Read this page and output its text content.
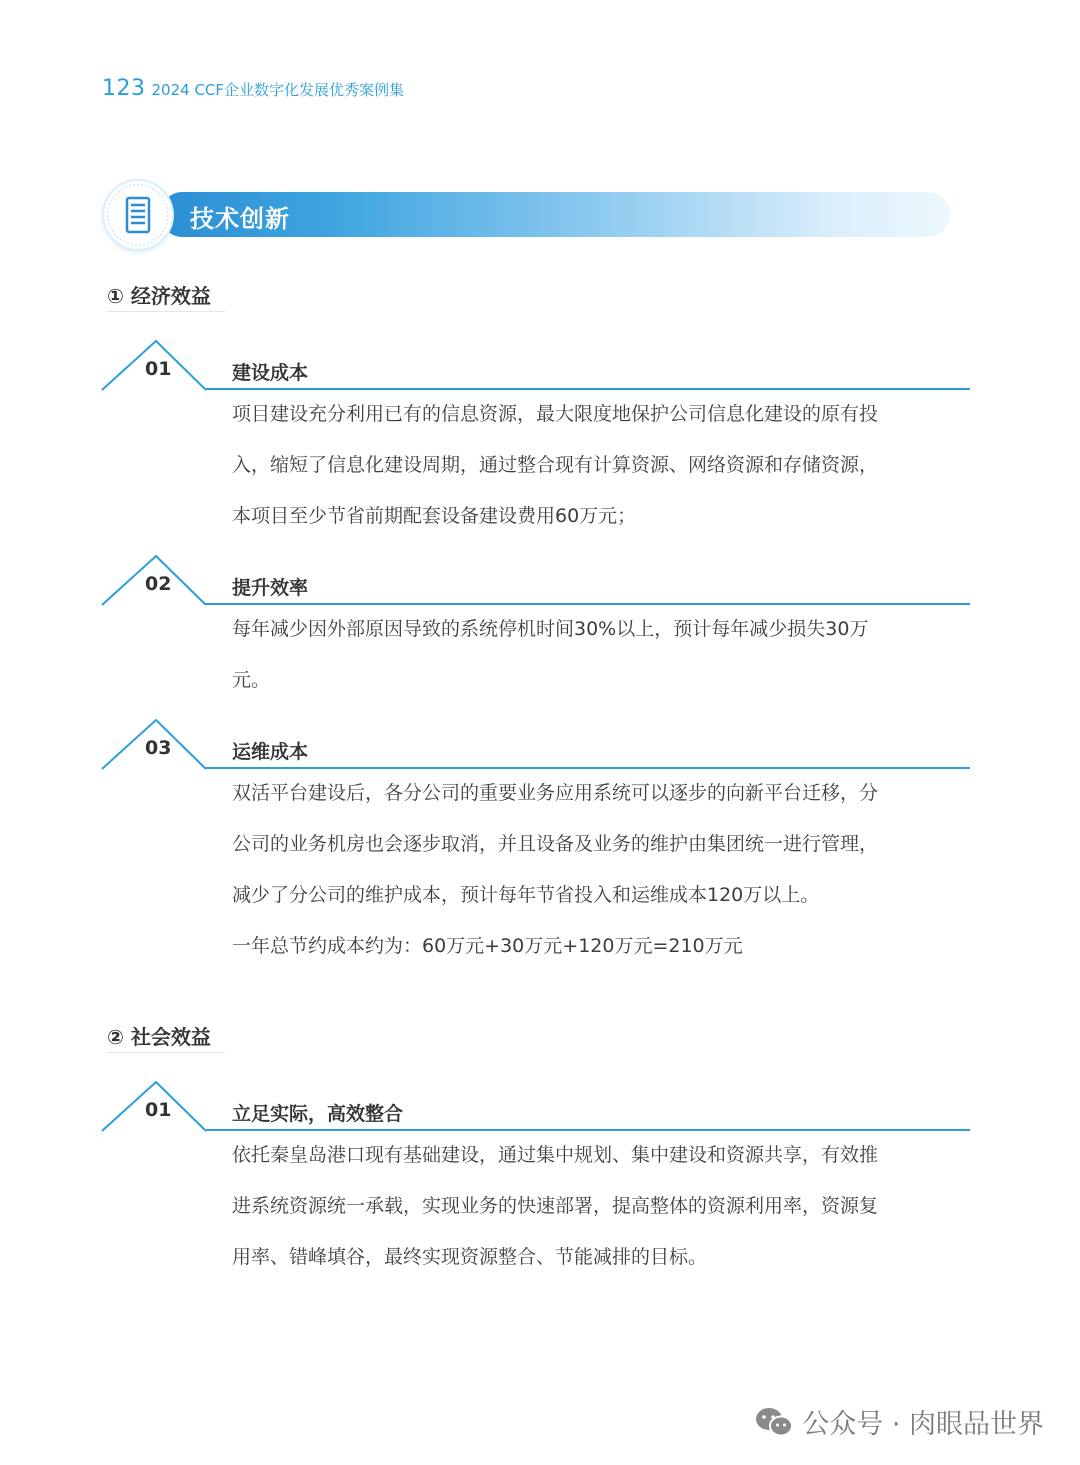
123 2024 CCF企业数字化发展优秀案例集
技术创新
① 经济效益
01	建设成本

项目建设充分利用已有的信息资源，最大限度地保护公司信息化建设的原有投

入，缩短了信息化建设周期，通过整合现有计算资源、网络资源和存储资源，

本项目至少节省前期配套设备建设费用60万元；

02	提升效率

每年减少因外部原因导致的系统停机时间30%以上，预计每年减少损失30万

元。

03	运维成本

双活平台建设后，各分公司的重要业务应用系统可以逐步的向新平台迁移，分

公司的业务机房也会逐步取消，并且设备及业务的维护由集团统一进行管理，

减少了分公司的维护成本，预计每年节省投入和运维成本120万以上。

一年总节约成本约为：60万元+30万元+120万元=210万元

② 社会效益
01	立足实际，高效整合

依托秦皇岛港口现有基础建设，通过集中规划、集中建设和资源共享，有效推

进系统资源统一承载，实现业务的快速部署，提高整体的资源利用率，资源复

用率、错峰填谷，最终实现资源整合、节能减排的目标。

公众号 · 肉眼品世界
